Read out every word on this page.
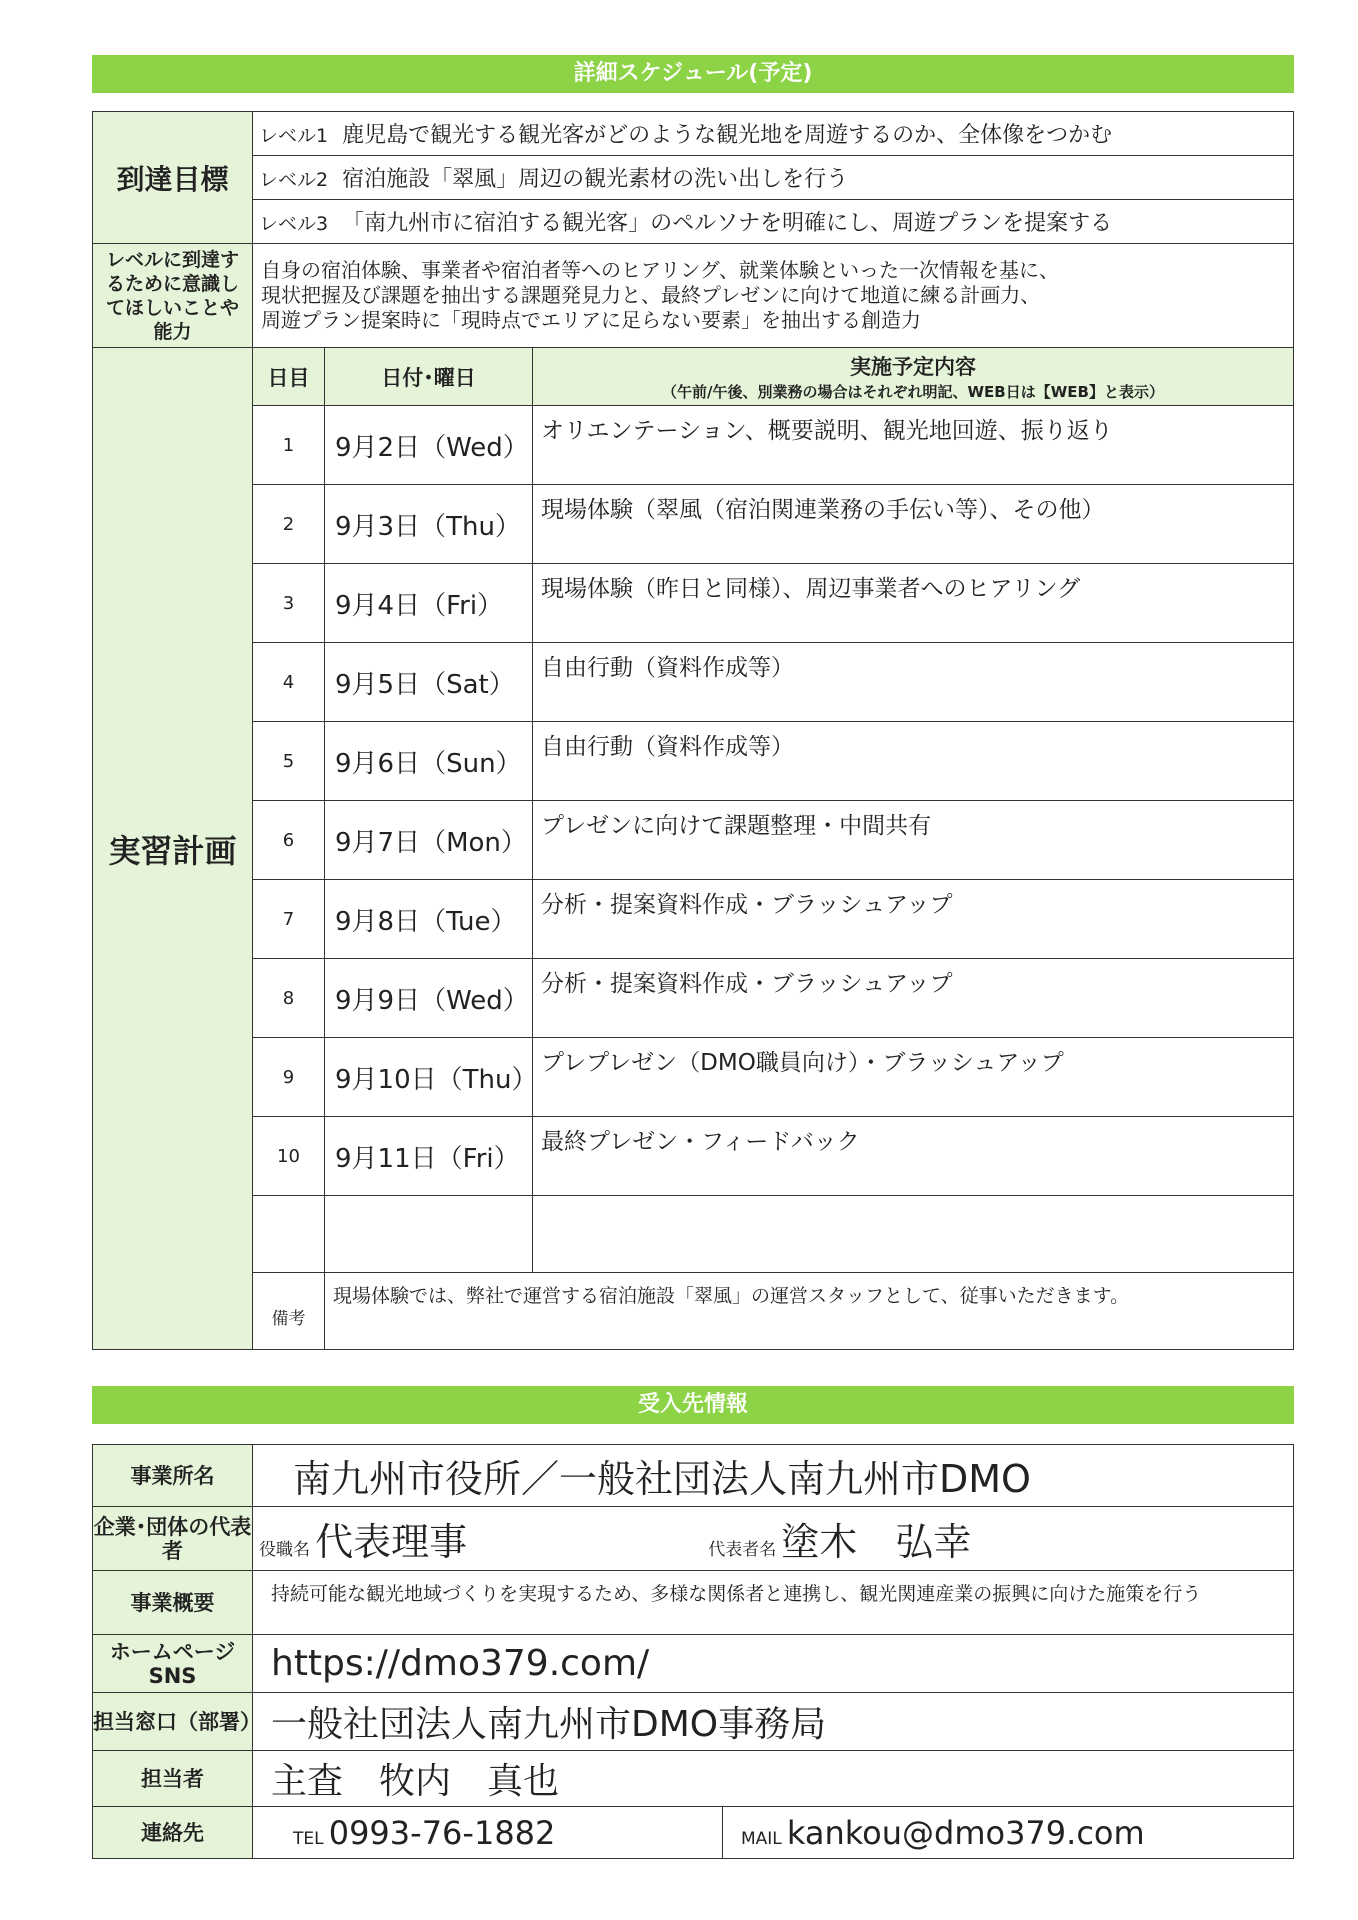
詳細スケジュール(予定)
到達目標	レベル1 鹿児島で観光する観光客がどのような観光地を周遊するのか、全体像をつかむ		
	レベル2 宿泊施設「翠風」周辺の観光素材の洗い出しを行う		
	レベル3 「南九州市に宿泊する観光客」のペルソナを明確にし、周遊プランを提案する		
レベルに到達するために意識してほしいことや能力	自身の宿泊体験、事業者や宿泊者等へのヒアリング、就業体験といった一次情報を基に、
現状把握及び課題を抽出する課題発見力と、最終プレゼンに向けて地道に練る計画力、
周遊プラン提案時に「現時点でエリアに足らない要素」を抽出する創造力		

実習計画	日目	日付･曜日	実施予定内容
（午前/午後、別業務の場合はそれぞれ明記、WEB日は【WEB】と表示）

	1	9月2日（Wed）	オリエンテーション、概要説明、観光地回遊、振り返り
	2	9月3日（Thu）	現場体験（翠風（宿泊関連業務の手伝い等）、その他）
	3	9月4日（Fri）	現場体験（昨日と同様）、周辺事業者へのヒアリング
	4	9月5日（Sat）	自由行動（資料作成等）
	5	9月6日（Sun）	自由行動（資料作成等）
	6	9月7日（Mon）	プレゼンに向けて課題整理・中間共有
	7	9月8日（Tue）	分析・提案資料作成・ブラッシュアップ
	8	9月9日（Wed）	分析・提案資料作成・ブラッシュアップ
	9	9月10日（Thu）	プレプレゼン（DMO職員向け）・ブラッシュアップ
	10	9月11日（Fri）	最終プレゼン・フィードバック

	備考	現場体験では、弊社で運営する宿泊施設「翠風」の運営スタッフとして、従事いただきます。	
受入先情報
事業所名	南九州市役所／一般社団法人南九州市DMO	
企業･団体の代表者	役職名 代表理事 代表者名 塗木　弘幸	
事業概要	持続可能な観光地域づくりを実現するため、多様な関係者と連携し、観光関連産業の振興に向けた施策を行う	
ホームページSNS	https://dmo379.com/	
担当窓口（部署）	一般社団法人南九州市DMO事務局	
担当者	主査　牧内　真也	
連絡先	TEL 0993-76-1882	MAIL kankou@dmo379.com
